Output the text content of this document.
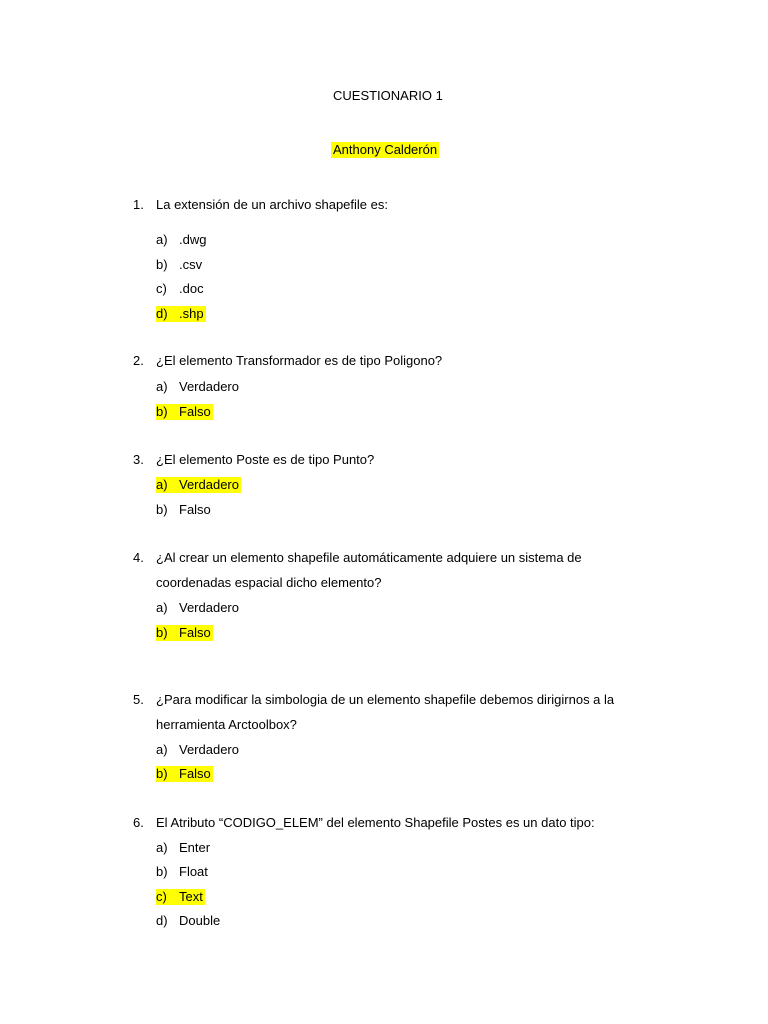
CUESTIONARIO 1
Anthony Calderón
1. La extensión de un archivo shapefile es:
a) .dwg
b) .csv
c) .doc
d) .shp
2. ¿El elemento Transformador es de tipo Poligono?
a) Verdadero
b) Falso
3. ¿El elemento Poste es de tipo Punto?
a) Verdadero
b) Falso
4. ¿Al crear un elemento shapefile automáticamente adquiere un sistema de
coordenadas espacial dicho elemento?
a) Verdadero
b) Falso
5. ¿Para modificar la simbologia de un elemento shapefile debemos dirigirnos a la
herramienta Arctoolbox?
a) Verdadero
b) Falso
6. El Atributo “CODIGO_ELEM” del elemento Shapefile Postes es un dato tipo:
a) Enter
b) Float
c) Text
d) Double
